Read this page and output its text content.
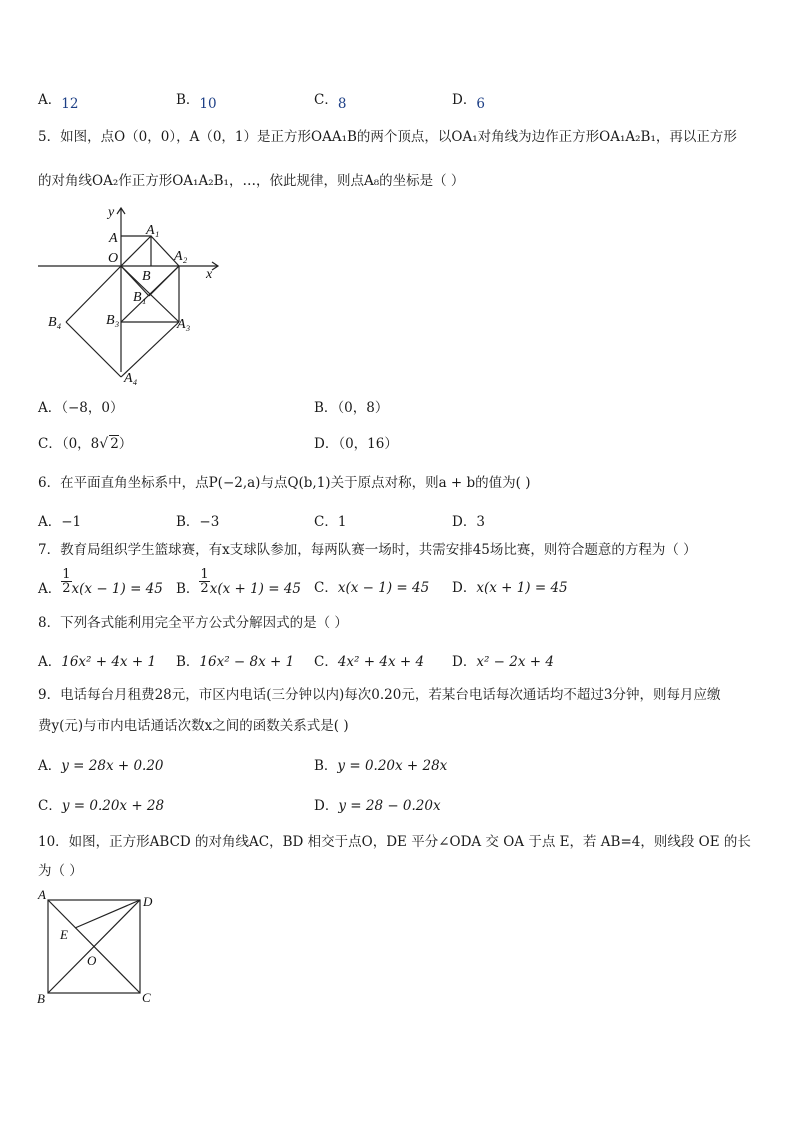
A．12	B．10	C．8	D．6
5．如图，点O（0，0），A（0，1）是正方形OAA₁B的两个顶点，以OA₁对角线为边作正方形OA₁A₂B₁，再以正方形
的对角线OA₂作正方形OA₁A₂B₁，…，依此规律，则点A₈的坐标是（ ）
y
A
A₁
O	A₂
x
B
B₁
B₄	B₃	A₃
A₄
A．（−8，0）	B．（0，8）
C．（0，8√ 2）	D．（0，16）
6．在平面直角坐标系中，点P(−2,a)与点Q(b,1)关于原点对称，则a + b的值为( )
A．−1	B．−3	C．1	D．3
7．教育局组织学生篮球赛，有x支球队参加，每两队赛一场时，共需安排45场比赛，则符合题意的方程为（ ）
A． $\frac{1}{2} x(x - 1) = 45$ B． $\frac{1}{2} x(x + 1) = 45$ C．x(x − 1) = 45 D．x(x + 1) = 45
8．下列各式能利用完全平方公式分解因式的是（ ）
A．16x² + 4x + 1 B．16x² − 8x + 1 C．4x² + 4x + 4 D．x² − 2x + 4
9．电话每台月租费28元，市区内电话(三分钟以内)每次0.20元，若某台电话每次通话均不超过3分钟，则每月应缴
费y(元)与市内电话通话次数x之间的函数关系式是( )
A．y = 28x + 0.20	B．y = 0.20x + 28x
C．y = 0.20x + 28	D．y = 28 − 0.20x
10．如图，正方形ABCD 的对角线AC，BD 相交于点O，DE 平分∠ODA 交 OA 于点 E，若 AB=4，则线段 OE 的长
为（ ）
A	D
E
O
B	C
